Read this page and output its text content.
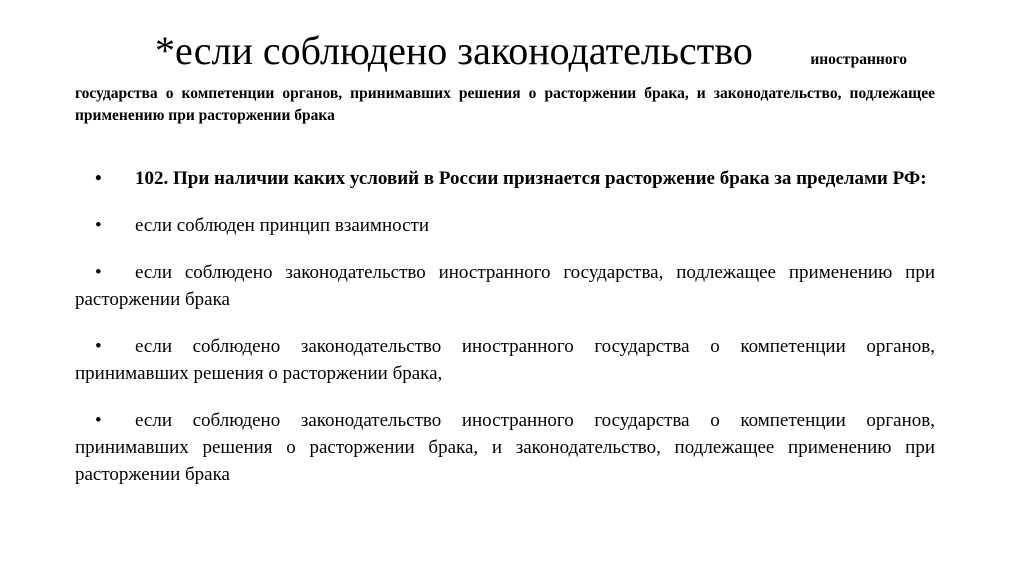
*если соблюдено законодательство	иностранного
государства о компетенции органов, принимавших решения о расторжении брака, и законодательство, подлежащее
применению при расторжении брака
•	102. При наличии каких условий в России признается расторжение брака за пределами РФ:
•	если соблюден принцип взаимности
•	если соблюдено законодательство иностранного государства, подлежащее применению при
расторжении брака
•	если соблюдено законодательство иностранного государства о компетенции органов,
принимавших решения о расторжении брака,
•	если соблюдено законодательство иностранного государства о компетенции органов,
принимавших решения о расторжении брака, и законодательство, подлежащее применению при
расторжении брака
